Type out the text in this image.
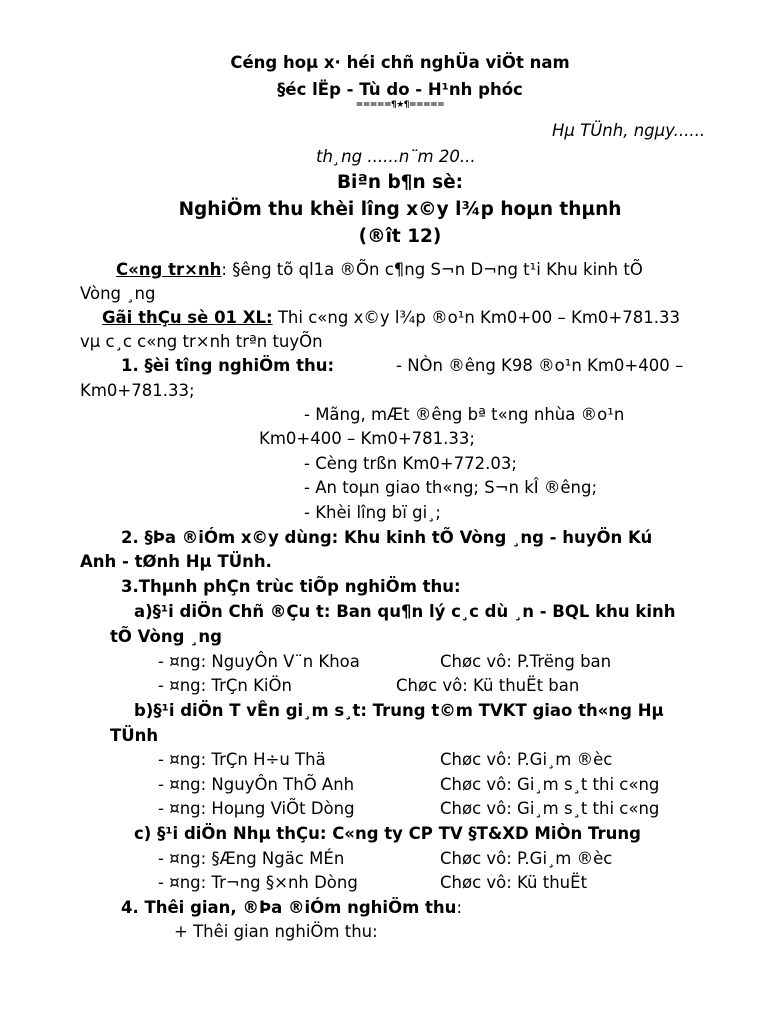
Céng hoµ x· héi chñ nghÜa viÖt nam
§éc lËp - Tù do - H¹nh phóc
=====¶★¶=====
Hµ TÜnh, ngµy......
th¸ng ......n¨m 20...
Biªn b¶n sè:
NghiÖm thu khèi lîng x©y l¾p hoµn thµnh
(®ît 12)
C«ng tr×nh: §êng tõ ql1a ®Õn c¶ng S¬n D¬ng t¹i Khu kinh tÕ
Vòng ¸ng
Gãi thÇu sè 01 XL: Thi c«ng x©y l¾p ®o¹n Km0+00 – Km0+781.33
vµ c¸c c«ng tr×nh trªn tuyÕn
1. §èi tîng nghiÖm thu:	- NÒn ®êng K98 ®o¹n Km0+400 –
Km0+781.33;
- Mãng, mÆt ®êng bª t«ng nhùa ®o¹n
Km0+400 – Km0+781.33;
- Cèng trßn Km0+772.03;
- An toµn giao th«ng; S¬n kÎ ®êng;
- Khèi lîng bï gi¸;
2. §Þa ®iÓm x©y dùng: Khu kinh tÕ Vòng ¸ng - huyÖn Kú
Anh - tØnh Hµ TÜnh.
3.Thµnh phÇn trùc tiÕp nghiÖm thu:
a)§¹i diÖn Chñ ®Çu t: Ban qu¶n lý c¸c dù ¸n - BQL khu kinh
tÕ Vòng ¸ng
- ¤ng: NguyÔn V¨n Khoa	Chøc vô: P.Trëng ban
- ¤ng: TrÇn KiÖn	Chøc vô: Kü thuËt ban
b)§¹i diÖn T vÊn gi¸m s¸t: Trung t©m TVKT giao th«ng Hµ
TÜnh
- ¤ng: TrÇn H÷u Thä	Chøc vô: P.Gi¸m ®èc
- ¤ng: NguyÔn ThÕ Anh	Chøc vô: Gi¸m s¸t thi c«ng
- ¤ng: Hoµng ViÕt Dòng	Chøc vô: Gi¸m s¸t thi c«ng
c) §¹i diÖn Nhµ thÇu: C«ng ty CP TV §T&XD MiÒn Trung
- ¤ng: §Æng Ngäc MÉn	Chøc vô: P.Gi¸m ®èc
- ¤ng: Tr¬ng §×nh Dòng	Chøc vô: Kü thuËt
4. Thêi gian, ®Þa ®iÓm nghiÖm thu:
+ Thêi gian nghiÖm thu:
